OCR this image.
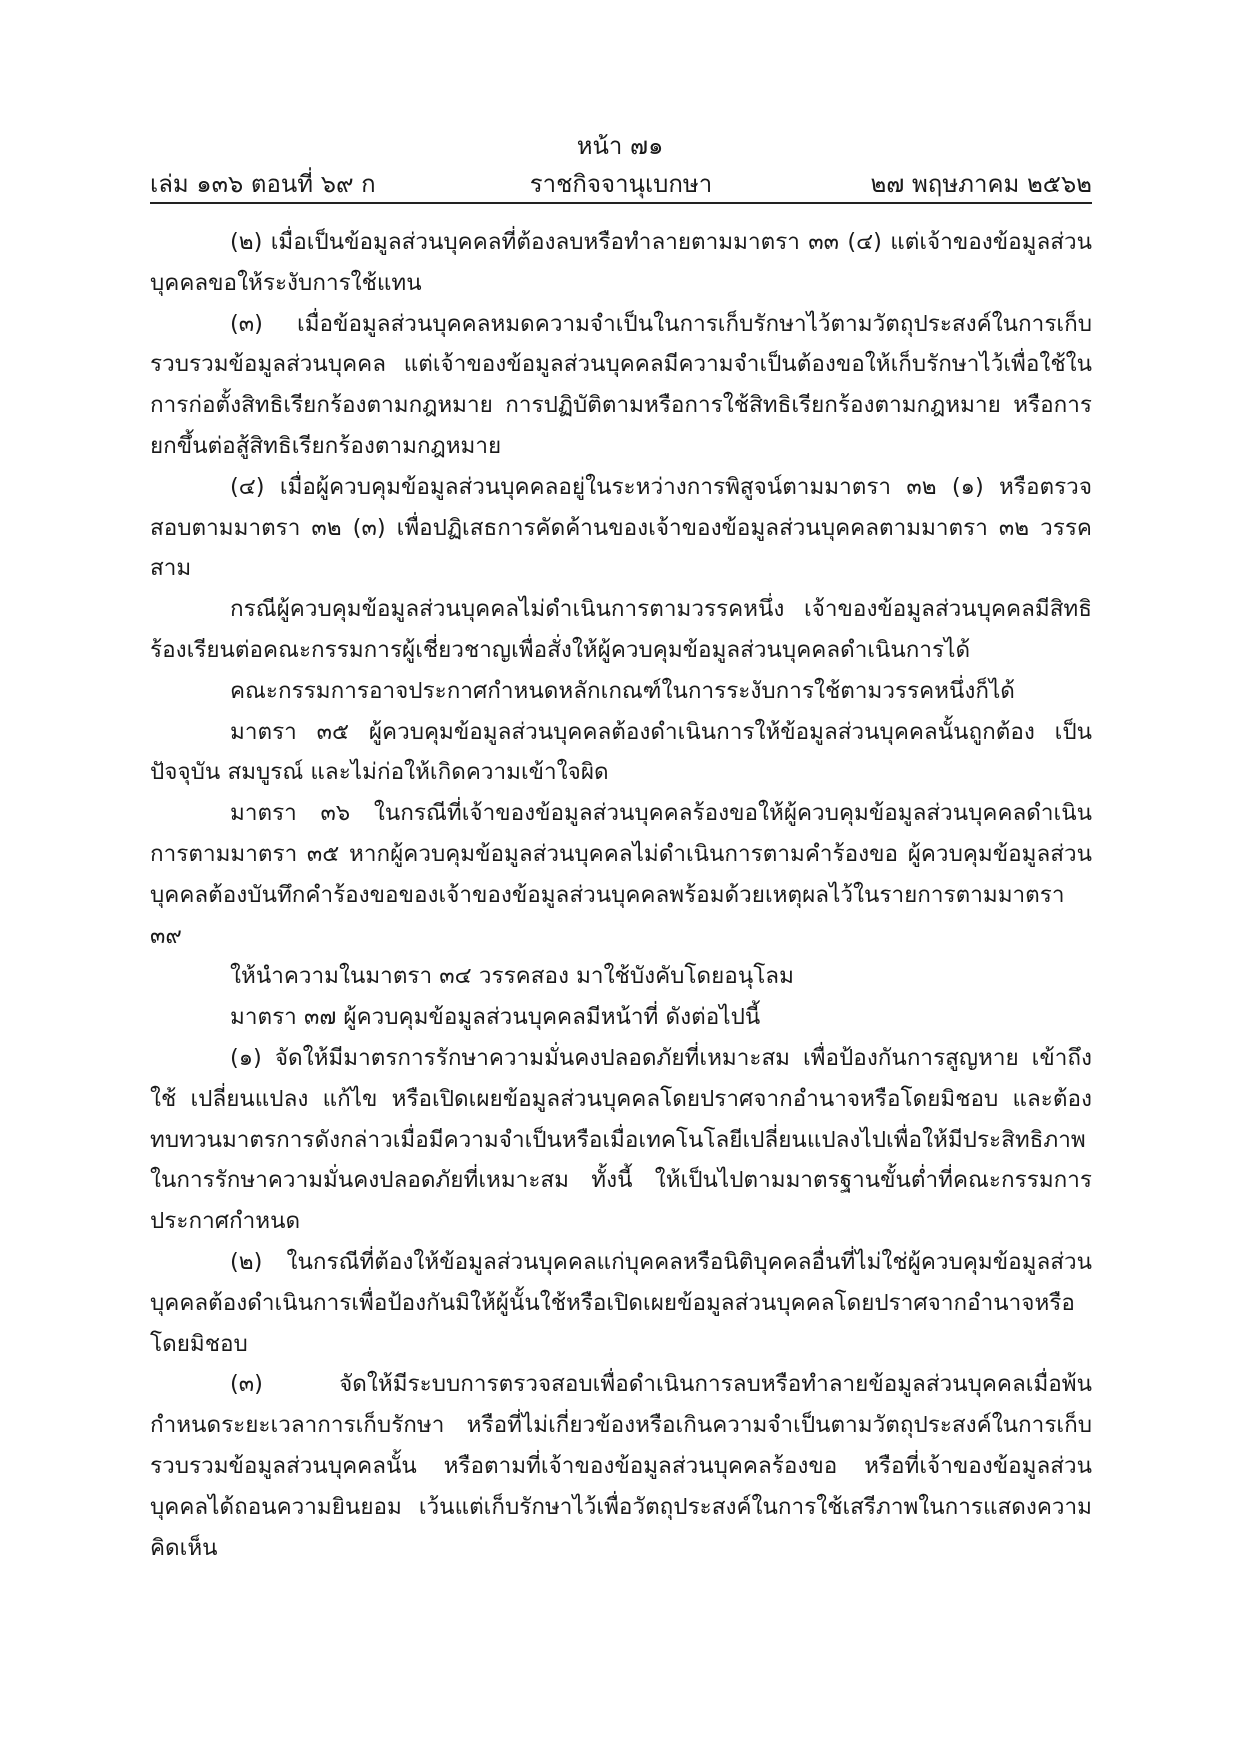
หน้า ๗๑
ราชกิจจานุเบกษา
เล่ม ๑๓๖ ตอนที่ ๖๙ ก	๒๗ พฤษภาคม ๒๕๖๒

(๒) เมื่อเป็นข้อมูลส่วนบุคคลที่ต้องลบหรือทำลายตามมาตรา ๓๓ (๔) แต่เจ้าของข้อมูลส่วนบุคคลขอให้ระงับการใช้แทน

(๓) เมื่อข้อมูลส่วนบุคคลหมดความจำเป็นในการเก็บรักษาไว้ตามวัตถุประสงค์ในการเก็บรวบรวมข้อมูลส่วนบุคคล แต่เจ้าของข้อมูลส่วนบุคคลมีความจำเป็นต้องขอให้เก็บรักษาไว้เพื่อใช้ในการก่อตั้งสิทธิเรียกร้องตามกฎหมาย การปฏิบัติตามหรือการใช้สิทธิเรียกร้องตามกฎหมาย หรือการยกขึ้นต่อสู้สิทธิเรียกร้องตามกฎหมาย

(๔) เมื่อผู้ควบคุมข้อมูลส่วนบุคคลอยู่ในระหว่างการพิสูจน์ตามมาตรา ๓๒ (๑) หรือตรวจสอบตามมาตรา ๓๒ (๓) เพื่อปฏิเสธการคัดค้านของเจ้าของข้อมูลส่วนบุคคลตามมาตรา ๓๒ วรรคสาม

กรณีผู้ควบคุมข้อมูลส่วนบุคคลไม่ดำเนินการตามวรรคหนึ่ง เจ้าของข้อมูลส่วนบุคคลมีสิทธิร้องเรียนต่อคณะกรรมการผู้เชี่ยวชาญเพื่อสั่งให้ผู้ควบคุมข้อมูลส่วนบุคคลดำเนินการได้

คณะกรรมการอาจประกาศกำหนดหลักเกณฑ์ในการระงับการใช้ตามวรรคหนึ่งก็ได้

มาตรา ๓๕ ผู้ควบคุมข้อมูลส่วนบุคคลต้องดำเนินการให้ข้อมูลส่วนบุคคลนั้นถูกต้อง เป็นปัจจุบัน สมบูรณ์ และไม่ก่อให้เกิดความเข้าใจผิด

มาตรา ๓๖ ในกรณีที่เจ้าของข้อมูลส่วนบุคคลร้องขอให้ผู้ควบคุมข้อมูลส่วนบุคคลดำเนินการตามมาตรา ๓๕ หากผู้ควบคุมข้อมูลส่วนบุคคลไม่ดำเนินการตามคำร้องขอ ผู้ควบคุมข้อมูลส่วนบุคคลต้องบันทึกคำร้องขอของเจ้าของข้อมูลส่วนบุคคลพร้อมด้วยเหตุผลไว้ในรายการตามมาตรา ๓๙

ให้นำความในมาตรา ๓๔ วรรคสอง มาใช้บังคับโดยอนุโลม

มาตรา ๓๗ ผู้ควบคุมข้อมูลส่วนบุคคลมีหน้าที่ ดังต่อไปนี้

(๑) จัดให้มีมาตรการรักษาความมั่นคงปลอดภัยที่เหมาะสม เพื่อป้องกันการสูญหาย เข้าถึง ใช้ เปลี่ยนแปลง แก้ไข หรือเปิดเผยข้อมูลส่วนบุคคลโดยปราศจากอำนาจหรือโดยมิชอบ และต้องทบทวนมาตรการดังกล่าวเมื่อมีความจำเป็นหรือเมื่อเทคโนโลยีเปลี่ยนแปลงไปเพื่อให้มีประสิทธิภาพในการรักษาความมั่นคงปลอดภัยที่เหมาะสม ทั้งนี้ ให้เป็นไปตามมาตรฐานขั้นต่ำที่คณะกรรมการประกาศกำหนด

(๒) ในกรณีที่ต้องให้ข้อมูลส่วนบุคคลแก่บุคคลหรือนิติบุคคลอื่นที่ไม่ใช่ผู้ควบคุมข้อมูลส่วนบุคคลต้องดำเนินการเพื่อป้องกันมิให้ผู้นั้นใช้หรือเปิดเผยข้อมูลส่วนบุคคลโดยปราศจากอำนาจหรือโดยมิชอบ

(๓) จัดให้มีระบบการตรวจสอบเพื่อดำเนินการลบหรือทำลายข้อมูลส่วนบุคคลเมื่อพ้นกำหนดระยะเวลาการเก็บรักษา หรือที่ไม่เกี่ยวข้องหรือเกินความจำเป็นตามวัตถุประสงค์ในการเก็บรวบรวมข้อมูลส่วนบุคคลนั้น หรือตามที่เจ้าของข้อมูลส่วนบุคคลร้องขอ หรือที่เจ้าของข้อมูลส่วนบุคคลได้ถอนความยินยอม เว้นแต่เก็บรักษาไว้เพื่อวัตถุประสงค์ในการใช้เสรีภาพในการแสดงความคิดเห็น
